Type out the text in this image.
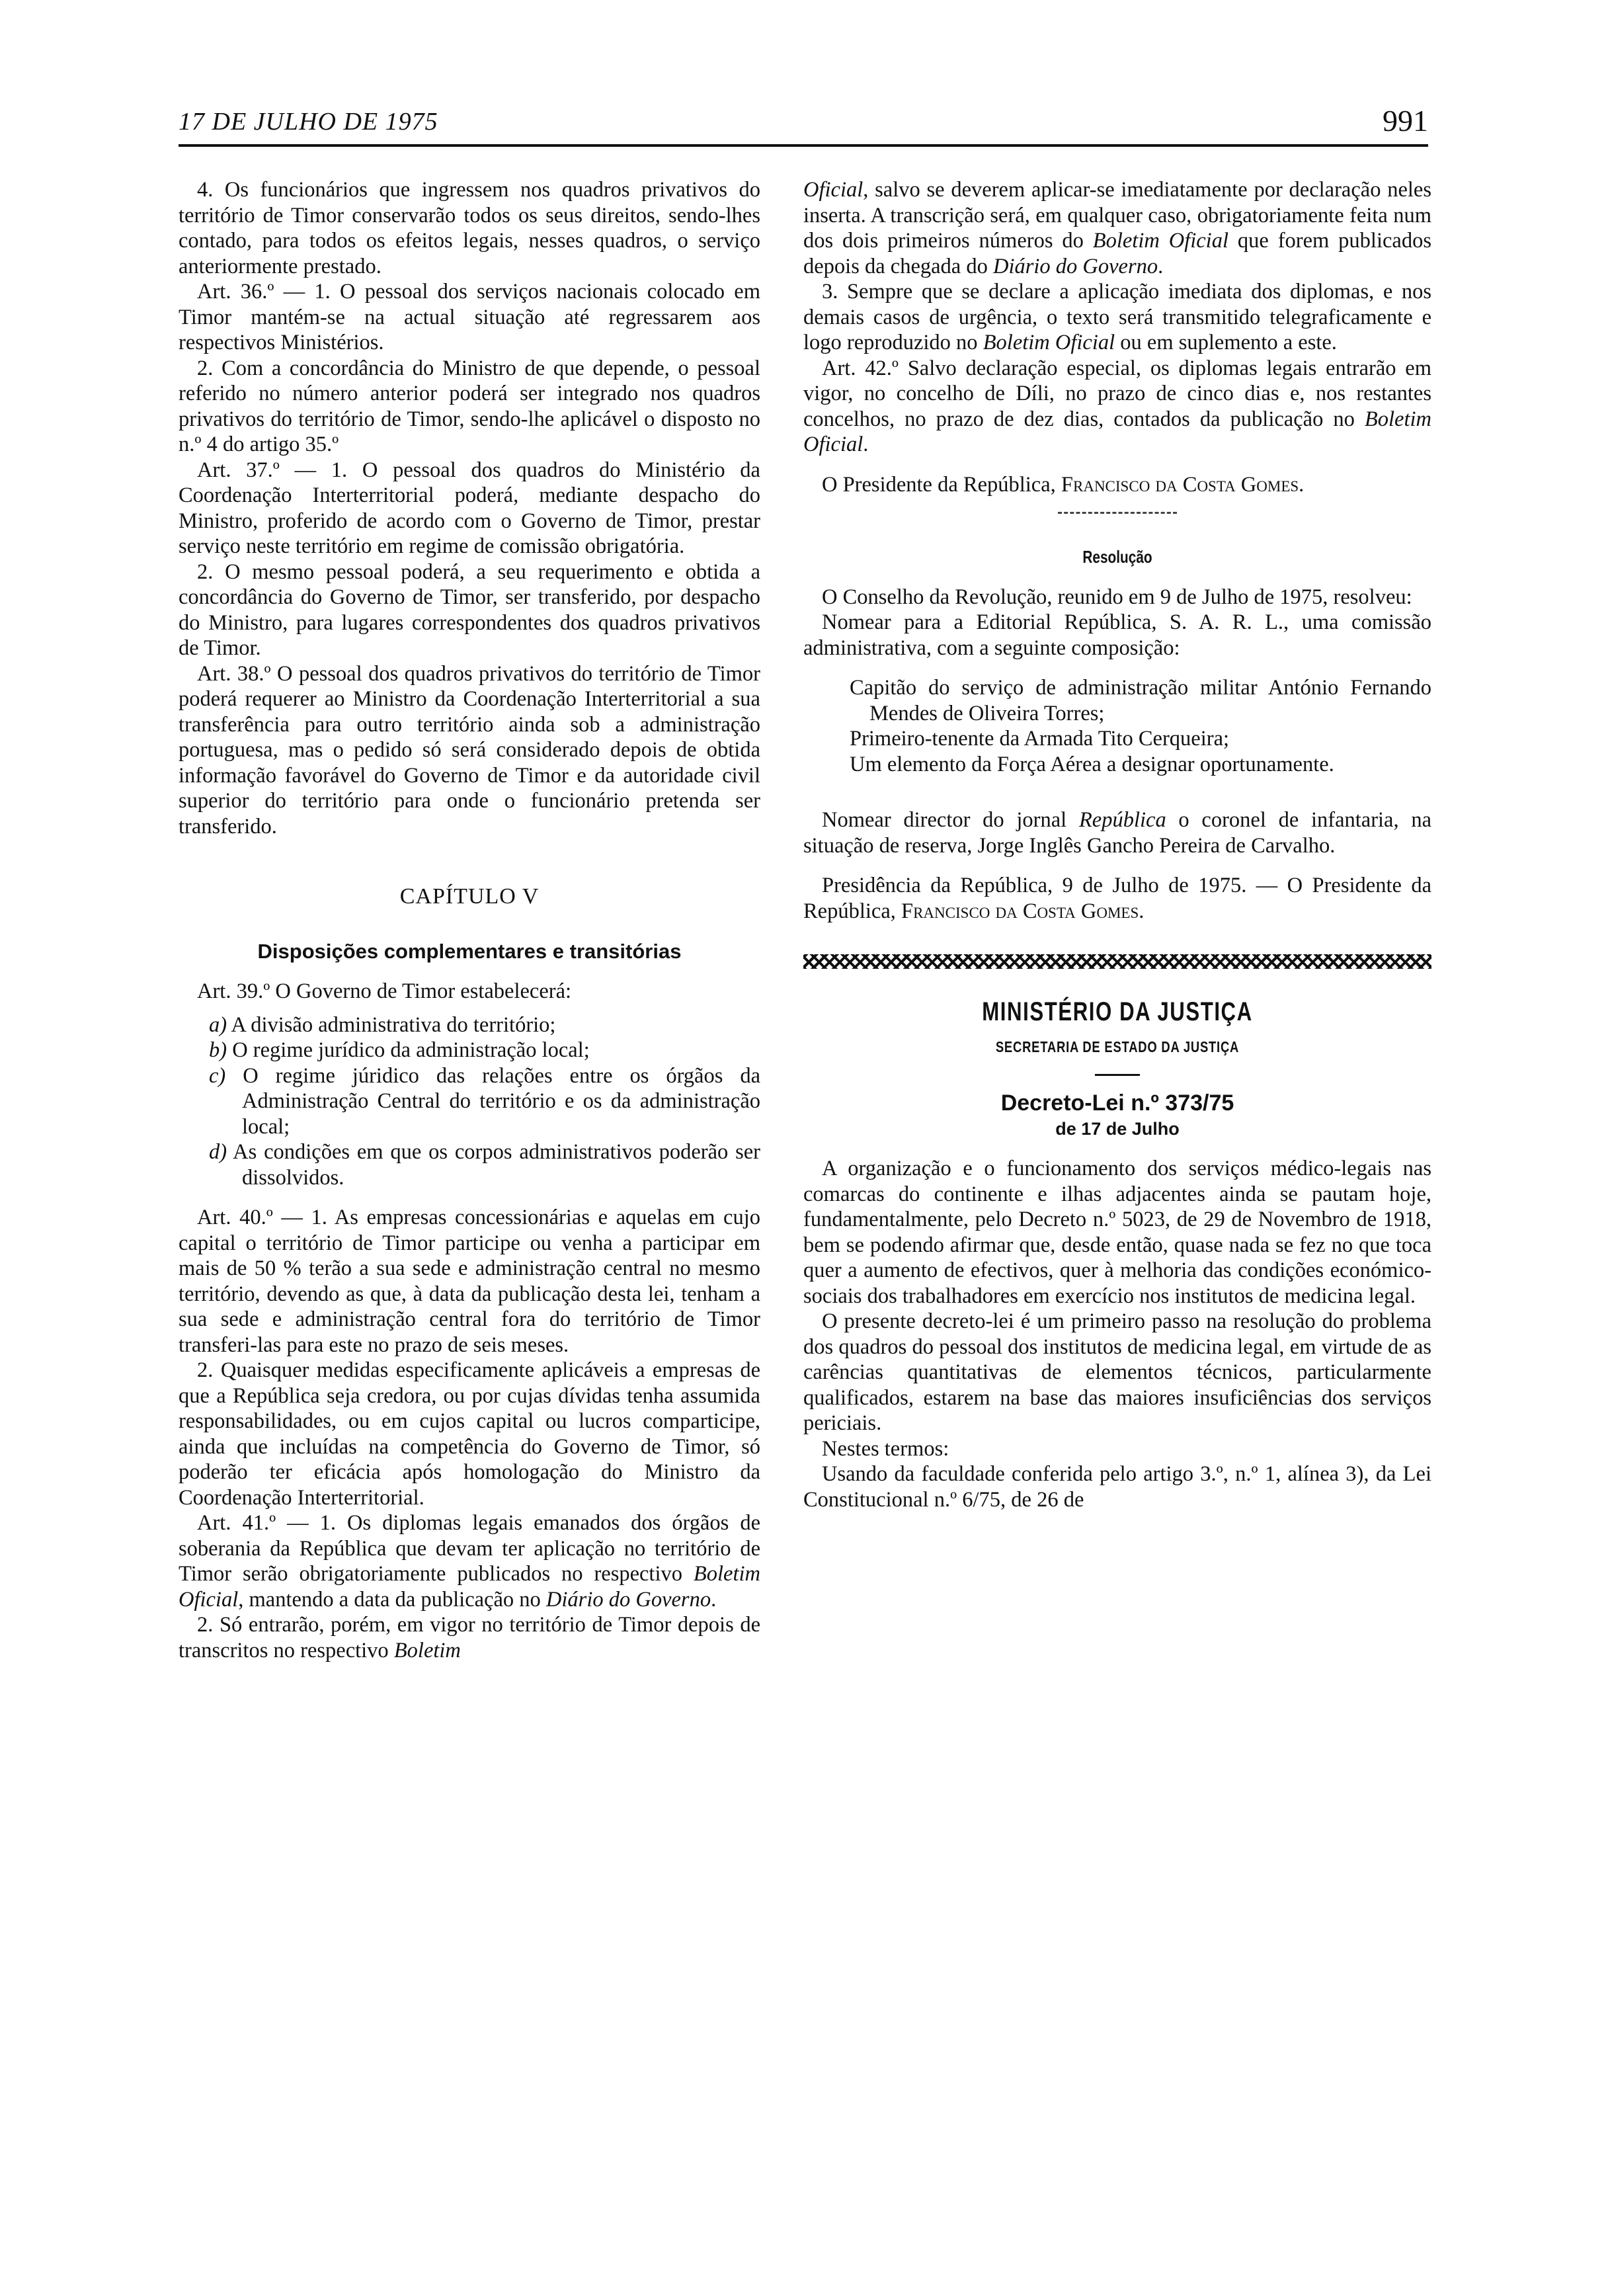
17 DE JULHO DE 1975	991

4. Os funcionários que ingressem nos quadros privativos do território de Timor conservarão todos os seus direitos, sendo-lhes contado, para todos os efeitos legais, nesses quadros, o serviço anteriormente prestado.

Art. 36.º — 1. O pessoal dos serviços nacionais colocado em Timor mantém-se na actual situação até regressarem aos respectivos Ministérios.

2. Com a concordância do Ministro de que depende, o pessoal referido no número anterior poderá ser integrado nos quadros privativos do território de Timor, sendo-lhe aplicável o disposto no n.º 4 do artigo 35.º

Art. 37.º — 1. O pessoal dos quadros do Ministério da Coordenação Interterritorial poderá, mediante despacho do Ministro, proferido de acordo com o Governo de Timor, prestar serviço neste território em regime de comissão obrigatória.

2. O mesmo pessoal poderá, a seu requerimento e obtida a concordância do Governo de Timor, ser transferido, por despacho do Ministro, para lugares correspondentes dos quadros privativos de Timor.

Art. 38.º O pessoal dos quadros privativos do território de Timor poderá requerer ao Ministro da Coordenação Interterritorial a sua transferência para outro território ainda sob a administração portuguesa, mas o pedido só será considerado depois de obtida informação favorável do Governo de Timor e da autoridade civil superior do território para onde o funcionário pretenda ser transferido.

CAPÍTULO V
Disposições complementares e transitórias

Art. 39.º O Governo de Timor estabelecerá:

a) A divisão administrativa do território;
b) O regime jurídico da administração local;
c) O regime júridico das relações entre os órgãos da Administração Central do território e os da administração local;
d) As condições em que os corpos administrativos poderão ser dissolvidos.

Art. 40.º — 1. As empresas concessionárias e aquelas em cujo capital o território de Timor participe ou venha a participar em mais de 50 % terão a sua sede e administração central no mesmo território, devendo as que, à data da publicação desta lei, tenham a sua sede e administração central fora do território de Timor transferi-las para este no prazo de seis meses.

2. Quaisquer medidas especificamente aplicáveis a empresas de que a República seja credora, ou por cujas dívidas tenha assumida responsabilidades, ou em cujos capital ou lucros comparticipe, ainda que incluídas na competência do Governo de Timor, só poderão ter eficácia após homologação do Ministro da Coordenação Interterritorial.

Art. 41.º — 1. Os diplomas legais emanados dos órgãos de soberania da República que devam ter aplicação no território de Timor serão obrigatoriamente publicados no respectivo Boletim Oficial, mantendo a data da publicação no Diário do Governo.

2. Só entrarão, porém, em vigor no território de Timor depois de transcritos no respectivo Boletim

Oficial, salvo se deverem aplicar-se imediatamente por declaração neles inserta. A transcrição será, em qualquer caso, obrigatoriamente feita num dos dois primeiros números do Boletim Oficial que forem publicados depois da chegada do Diário do Governo.

3. Sempre que se declare a aplicação imediata dos diplomas, e nos demais casos de urgência, o texto será transmitido telegraficamente e logo reproduzido no Boletim Oficial ou em suplemento a este.

Art. 42.º Salvo declaração especial, os diplomas legais entrarão em vigor, no concelho de Díli, no prazo de cinco dias e, nos restantes concelhos, no prazo de dez dias, contados da publicação no Boletim Oficial.

O Presidente da República, Francisco da Costa Gomes.

Resolução

O Conselho da Revolução, reunido em 9 de Julho de 1975, resolveu:

Nomear para a Editorial República, S. A. R. L., uma comissão administrativa, com a seguinte composição:

Capitão do serviço de administração militar António Fernando Mendes de Oliveira Torres;
Primeiro-tenente da Armada Tito Cerqueira;
Um elemento da Força Aérea a designar oportunamente.

Nomear director do jornal República o coronel de infantaria, na situação de reserva, Jorge Inglês Gancho Pereira de Carvalho.

Presidência da República, 9 de Julho de 1975. — O Presidente da República, Francisco da Costa Gomes.

MINISTÉRIO DA JUSTIÇA
SECRETARIA DE ESTADO DA JUSTIÇA
Decreto-Lei n.º 373/75
de 17 de Julho

A organização e o funcionamento dos serviços médico-legais nas comarcas do continente e ilhas adjacentes ainda se pautam hoje, fundamentalmente, pelo Decreto n.º 5023, de 29 de Novembro de 1918, bem se podendo afirmar que, desde então, quase nada se fez no que toca quer a aumento de efectivos, quer à melhoria das condições económico-sociais dos trabalhadores em exercício nos institutos de medicina legal.

O presente decreto-lei é um primeiro passo na resolução do problema dos quadros do pessoal dos institutos de medicina legal, em virtude de as carências quantitativas de elementos técnicos, particularmente qualificados, estarem na base das maiores insuficiências dos serviços periciais.

Nestes termos:

Usando da faculdade conferida pelo artigo 3.º, n.º 1, alínea 3), da Lei Constitucional n.º 6/75, de 26 de
